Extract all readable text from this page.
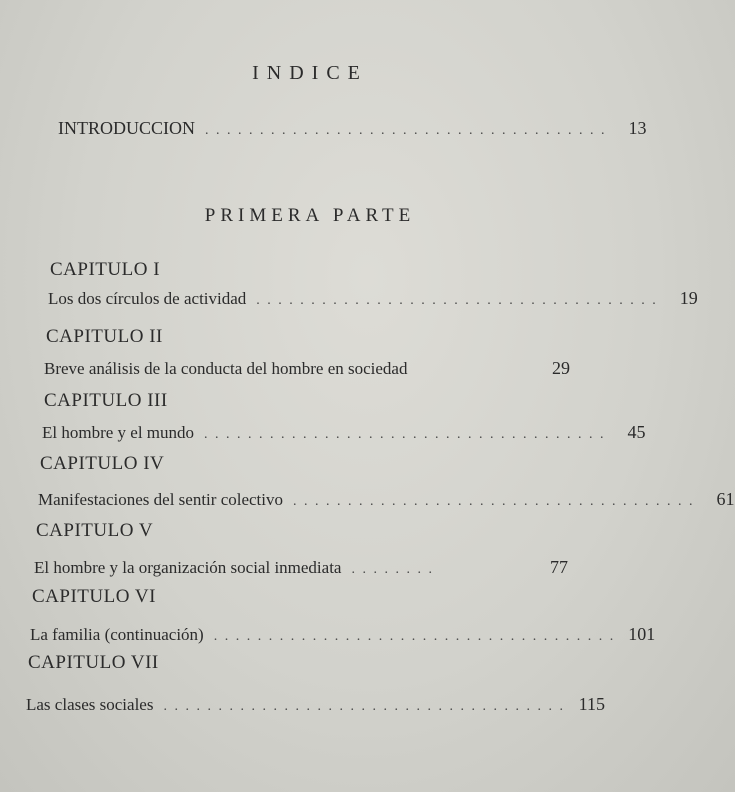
INDICE
INTRODUCCION . . . . . . . . . . . . . . . . . . . . . . . . . . . . . . . . . . . . .	13
PRIMERA PARTE
CAPITULO I
Los dos círculos de actividad . . . . . . . . . . . . . . . . . . . . . . . . . . . . . . . . . . . . .	19
CAPITULO II
Breve análisis de la conducta del hombre en sociedad	29
CAPITULO III
El hombre y el mundo . . . . . . . . . . . . . . . . . . . . . . . . . . . . . . . . . . . . .	45
CAPITULO IV
Manifestaciones del sentir colectivo . . . . . . . . . . . . . . . . . . . . . . . . . . . . . . . . . . . . .	61
CAPITULO V
El hombre y la organización social inmediata . . . . . . . .	77
CAPITULO VI
La familia (continuación) . . . . . . . . . . . . . . . . . . . . . . . . . . . . . . . . . . . . . 101
CAPITULO VII
Las clases sociales . . . . . . . . . . . . . . . . . . . . . . . . . . . . . . . . . . . . . 115
